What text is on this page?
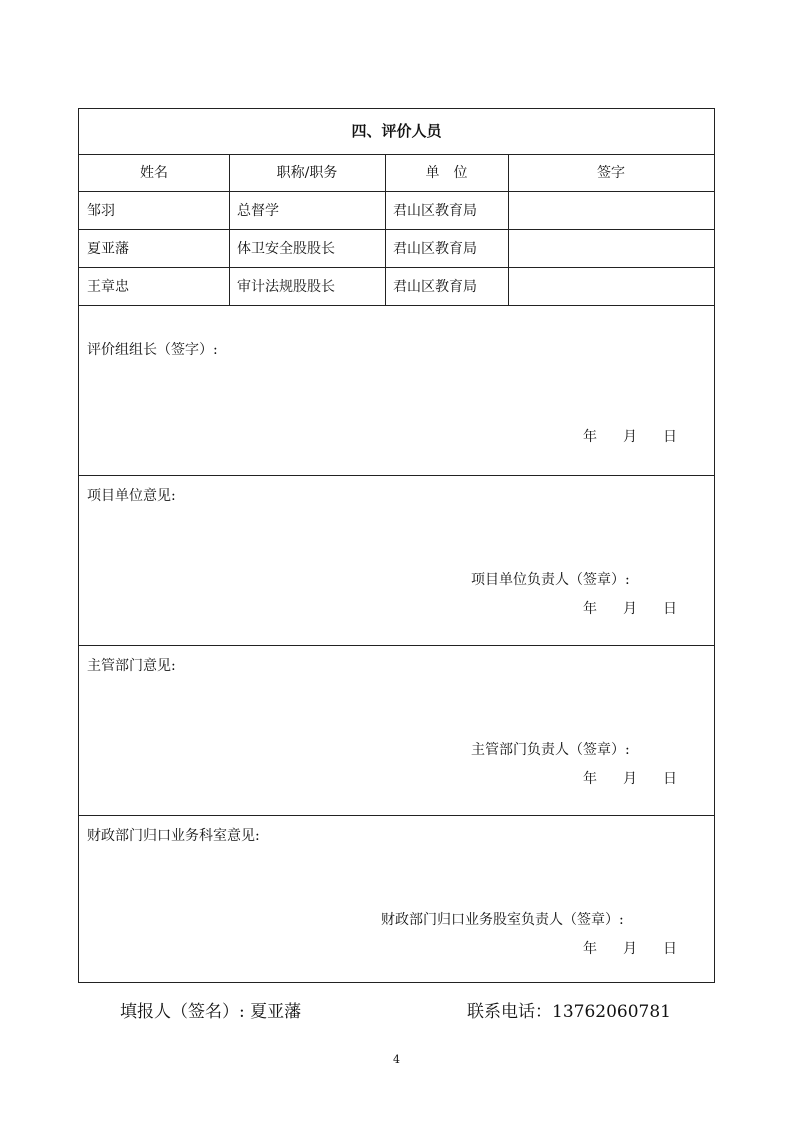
四、评价人员
姓名	职称/职务	单　位	签字
邹羽	总督学	君山区教育局
夏亚藩	体卫安全股股长	君山区教育局
王章忠	审计法规股股长	君山区教育局
评价组组长（签字）:
年 月 日
项目单位意见:
项目单位负责人（签章）:
年 月 日
主管部门意见:
主管部门负责人（签章）:
年 月 日
财政部门归口业务科室意见:
财政部门归口业务股室负责人（签章）:
年 月 日
填报人（签名）: 夏亚藩	联系电话：13762060781
4
